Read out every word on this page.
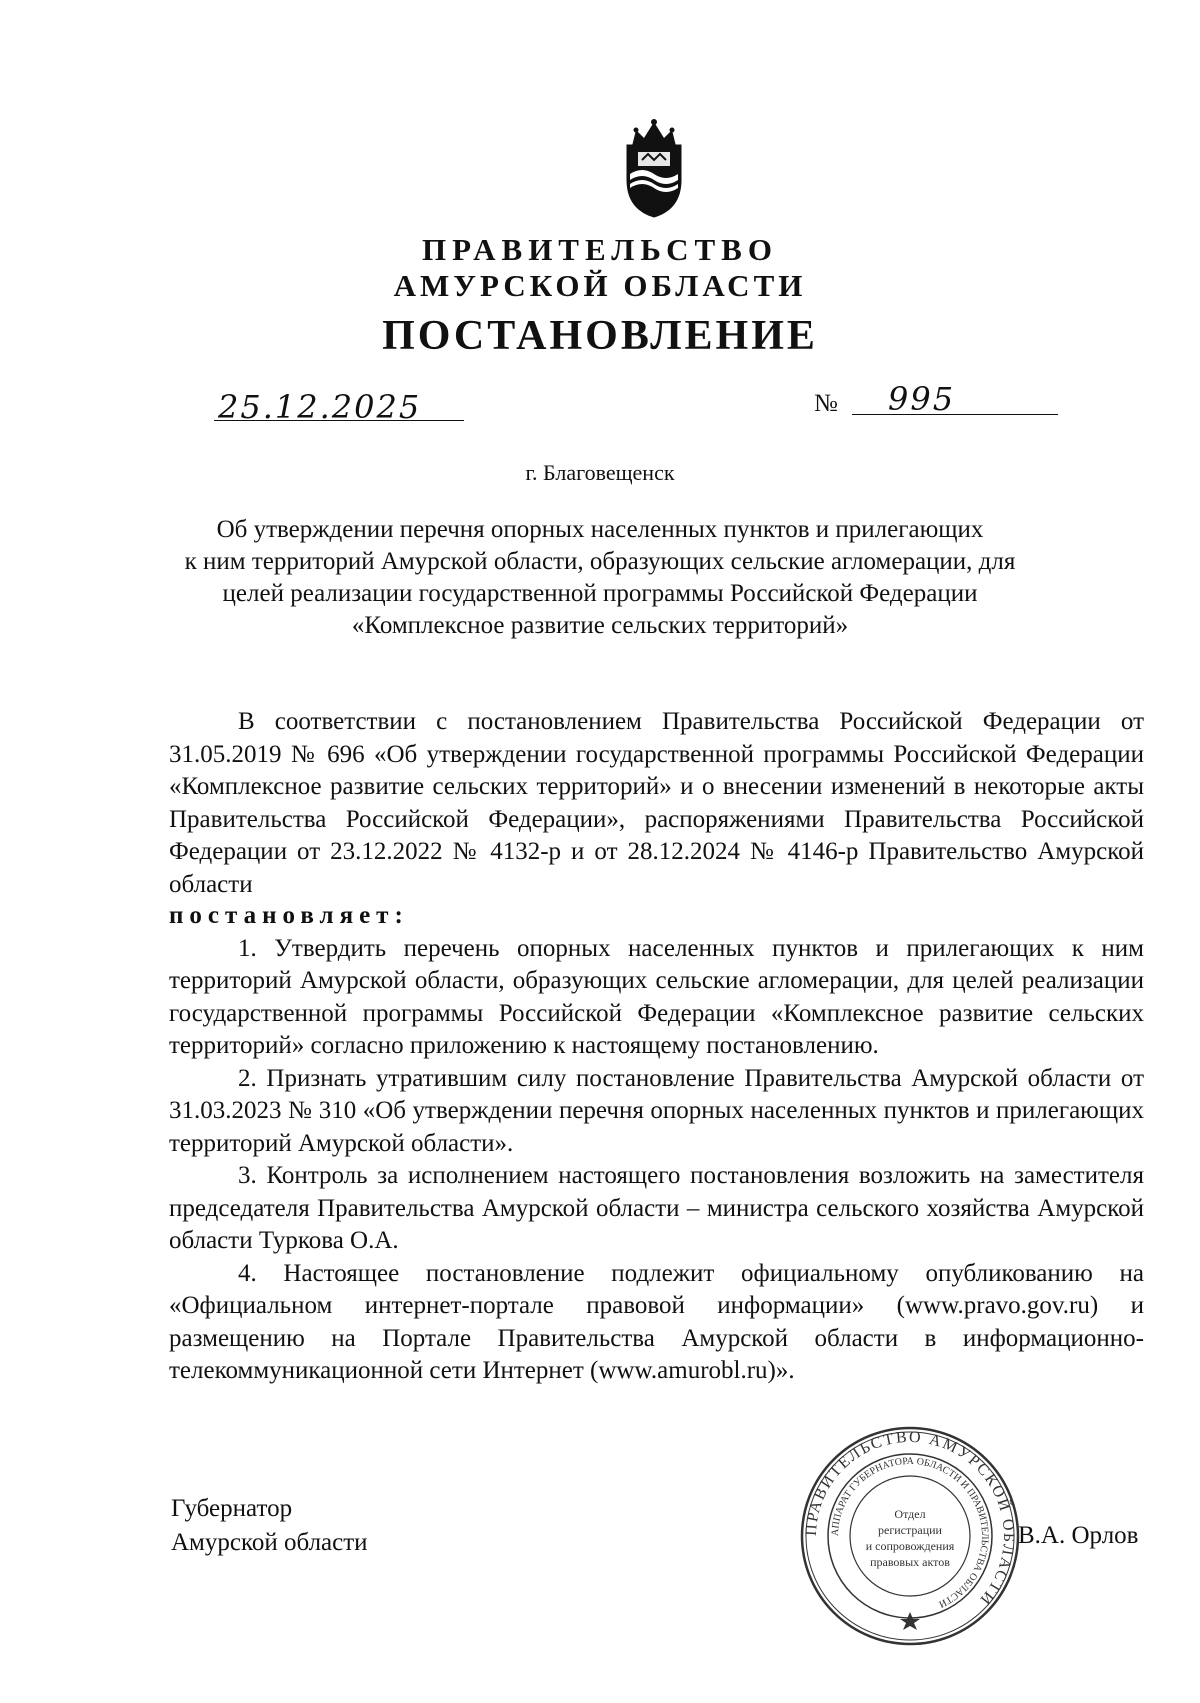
ПРАВИТЕЛЬСТВО
АМУРСКОЙ ОБЛАСТИ
ПОСТАНОВЛЕНИЕ
25.12.2025	№ 995
г. Благовещенск
Об утверждении перечня опорных населенных пунктов и прилегающих
к ним территорий Амурской области, образующих сельские агломерации, для
целей реализации государственной программы Российской Федерации
«Комплексное развитие сельских территорий»

В соответствии с постановлением Правительства Российской Федерации от 31.05.2019 № 696 «Об утверждении государственной программы Российской Федерации «Комплексное развитие сельских территорий» и о внесении изменений в некоторые акты Правительства Российской Федерации», распоряжениями Правительства Российской Федерации от 23.12.2022 № 4132-р и от 28.12.2024 № 4146-р Правительство Амурской области

постановляет:

1. Утвердить перечень опорных населенных пунктов и прилегающих к ним территорий Амурской области, образующих сельские агломерации, для целей реализации государственной программы Российской Федерации «Комплексное развитие сельских территорий» согласно приложению к настоящему постановлению.

2. Признать утратившим силу постановление Правительства Амурской области от 31.03.2023 № 310 «Об утверждении перечня опорных населенных пунктов и прилегающих территорий Амурской области».

3. Контроль за исполнением настоящего постановления возложить на заместителя председателя Правительства Амурской области – министра сельского хозяйства Амурской области Туркова О.А.

4. Настоящее постановление подлежит официальному опубликованию на «Официальном интернет-портале правовой информации» (www.pravo.gov.ru) и размещению на Портале Правительства Амурской области в информационно-телекоммуникационной сети Интернет (www.amurobl.ru)».

Губернатор
Амурской области	В.А. Орлов
ПРАВИТЕЛЬСТВО АМУРСКОЙ ОБЛАСТИ
АППАРАТ ГУБЕРНАТОРА ОБЛАСТИ И ПРАВИТЕЛЬСТВА ОБЛАСТИ
Отдел
регистрации
и сопровождения
правовых актов
